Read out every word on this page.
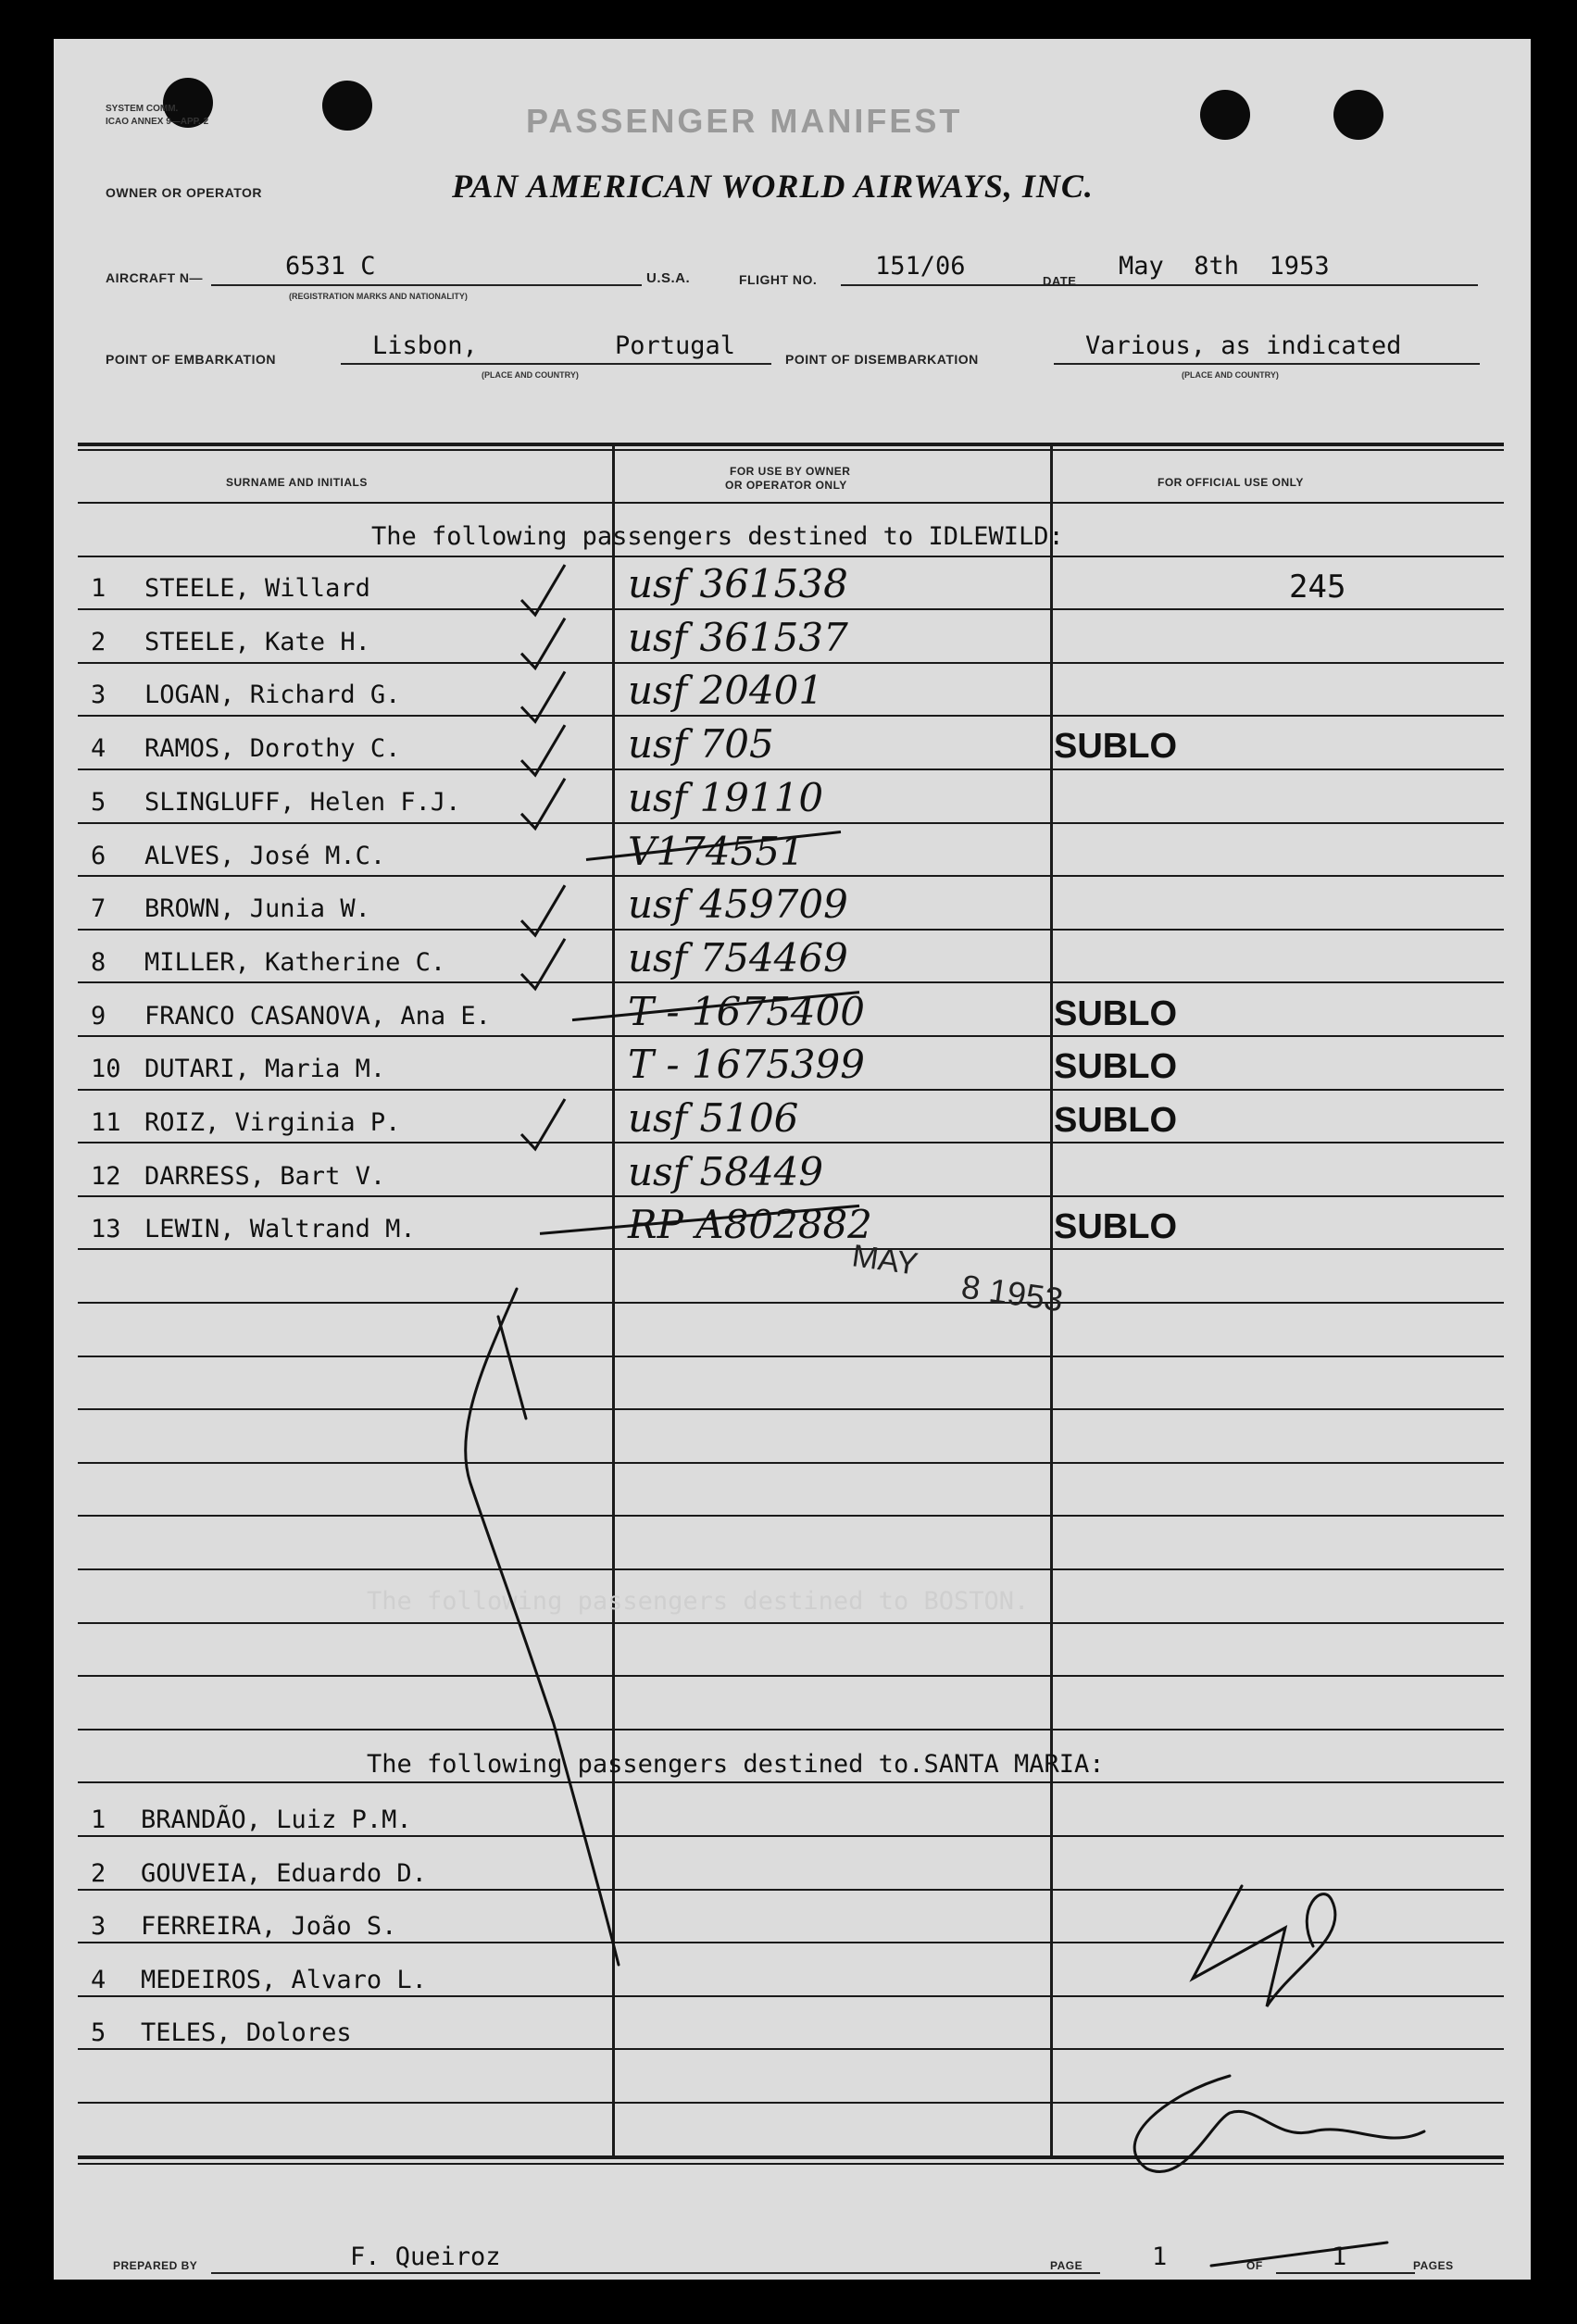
SYSTEM COMM.
ICAO ANNEX 9—APP. 2	PASSENGER MANIFEST
OWNER OR OPERATOR	PAN AMERICAN WORLD AIRWAYS, INC.
AIRCRAFT N—	6531 C
(REGISTRATION MARKS AND NATIONALITY)
U.S.A.	FLIGHT NO. 151/06
DATE
May  8th  1953
POINT OF EMBARKATION	Lisbon,	Portugal
(PLACE AND COUNTRY)
POINT OF DISEMBARKATION	Various, as indicated
(PLACE AND COUNTRY)
SURNAME AND INITIALS
FOR USE BY OWNER
OR OPERATOR ONLY	FOR OFFICIAL USE ONLY
The following passengers destined to IDLEWILD:
1 STEELE, Willard	usf 361538	245
2 STEELE, Kate H.	usf 361537
3 LOGAN, Richard G.	usf 20401
4 RAMOS, Dorothy C.	usf 705	SUBLO
5 SLINGLUFF, Helen F.J.	usf 19110
6 ALVES, José M.C.	V174551
7 BROWN, Junia W.	usf 459709
8 MILLER, Katherine C.	usf 754469
9 FRANCO CASANOVA, Ana E.	T - 1675400	SUBLO
10 DUTARI, Maria M.	T - 1675399	SUBLO
11 ROIZ, Virginia P.	usf 5106	SUBLO
12 DARRESS, Bart V.	usf 58449
13 LEWIN, Waltrand M.	RP A802882	SUBLO
MAY
8 1953
The following passengers destined to BOSTON.
The following passengers destined to.SANTA MARIA:
1 BRANDÃO, Luiz P.M.
2 GOUVEIA, Eduardo D.
3 FERREIRA, João S.
4 MEDEIROS, Alvaro L.
5 TELES, Dolores
PREPARED BY	F. Queiroz	PAGE	1	OF	1	PAGES
